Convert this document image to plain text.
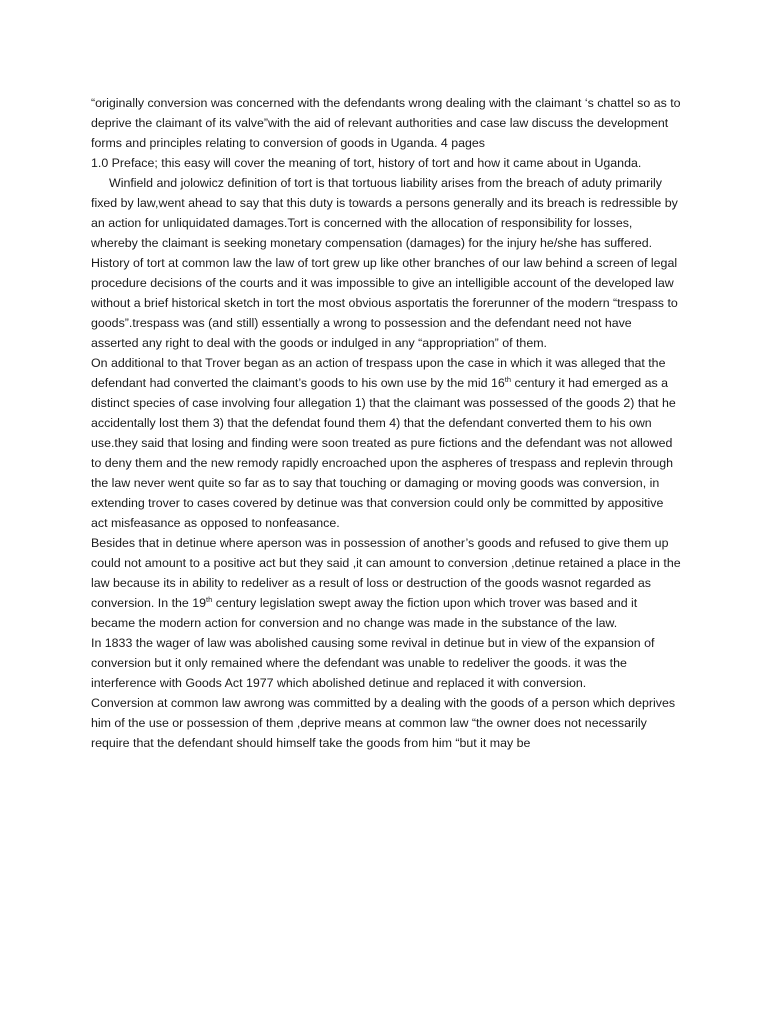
“originally conversion was concerned with the defendants wrong dealing with the claimant ‘s chattel so as to deprive the claimant of its valve”with the aid of relevant authorities and case law discuss the development forms and principles relating to conversion of goods in Uganda. 4 pages

1.0 Preface; this easy will cover the meaning of tort, history of tort and how it came about in Uganda.

Winfield and jolowicz definition of tort is that tortuous liability arises from the breach of aduty primarily fixed by law,went ahead to say that this duty is towards a persons generally and its breach is redressible by an action for unliquidated damages.Tort is concerned with the allocation of responsibility for losses, whereby the claimant is seeking monetary compensation (damages) for the injury he/she has suffered.

History of tort at common law the law of tort grew up like other branches of our law behind a screen of legal procedure decisions of the courts and it was impossible to give an intelligible account of the developed law without a brief historical sketch in tort the most obvious asportatis the forerunner of the modern “trespass to goods”.trespass was (and still) essentially a wrong to possession and the defendant need not have asserted any right to deal with the goods or indulged in any “appropriation” of them.

On additional to that Trover began as an action of trespass upon the case in which it was alleged that the defendant had converted the claimant’s goods to his own use by the mid 16th century it had emerged as a distinct species of case involving four allegation 1) that the claimant was possessed of the goods 2) that he accidentally lost them 3) that the defendat found them 4) that the defendant converted them to his own use.they said that losing and finding were soon treated as pure fictions and the defendant was not allowed to deny them and the new remody rapidly encroached upon the aspheres of trespass and replevin through the law never went quite so far as to say that touching or damaging or moving goods was conversion, in extending trover to cases covered by detinue was that conversion could only be committed by appositive act misfeasance as opposed to nonfeasance.

Besides that in detinue where aperson was in possession of another’s goods and refused to give them up could not amount to a positive act but they said ,it can amount to conversion ,detinue retained a place in the law because its in ability to redeliver as a result of loss or destruction of the goods wasnot regarded as conversion. In the 19th century legislation swept away the fiction upon which trover was based and it became the modern action for conversion and no change was made in the substance of the law.

In 1833 the wager of law was abolished causing some revival in detinue but in view of the expansion of conversion but it only remained where the defendant was unable to redeliver the goods. it was the interference with Goods Act 1977 which abolished detinue and replaced it with conversion.

Conversion at common law awrong was committed by a dealing with the goods of a person which deprives him of the use or possession of them ,deprive means at common law “the owner does not necessarily require that the defendant should himself take the goods from him “but it may be
